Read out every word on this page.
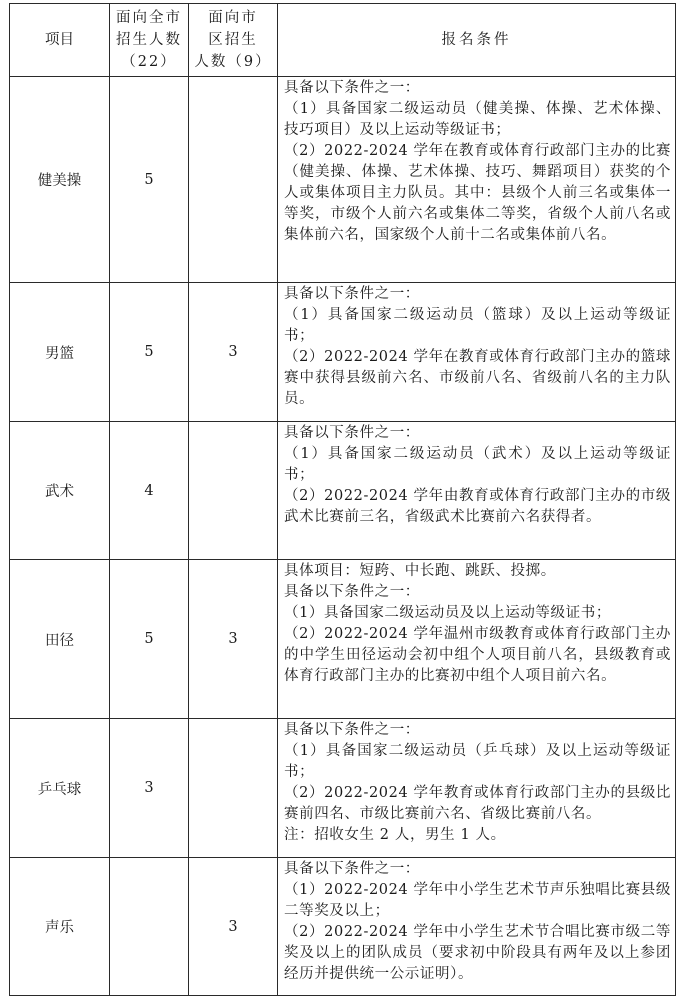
项目	面向全市
招生人数
（22）	面向市
区招生
人数（9）	报名条件
健美操	5		具备以下条件之一：
（1）具备国家二级运动员（健美操、体操、艺术体操、技巧项目）及以上运动等级证书；
（2）2022-2024 学年在教育或体育行政部门主办的比赛（健美操、体操、艺术体操、技巧、舞蹈项目）获奖的个人或集体项目主力队员。其中：县级个人前三名或集体一等奖，市级个人前六名或集体二等奖，省级个人前八名或集体前六名，国家级个人前十二名或集体前八名。

男篮	5	3	具备以下条件之一：
（1）具备国家二级运动员（篮球）及以上运动等级证书；
（2）2022-2024 学年在教育或体育行政部门主办的篮球赛中获得县级前六名、市级前八名、省级前八名的主力队员。

武术	4		具备以下条件之一：
（1）具备国家二级运动员（武术）及以上运动等级证书；
（2）2022-2024 学年由教育或体育行政部门主办的市级武术比赛前三名，省级武术比赛前六名获得者。

田径	5	3	具体项目：短跨、中长跑、跳跃、投掷。
具备以下条件之一：
（1）具备国家二级运动员及以上运动等级证书；
（2）2022-2024 学年温州市级教育或体育行政部门主办的中学生田径运动会初中组个人项目前八名，县级教育或体育行政部门主办的比赛初中组个人项目前六名。

乒乓球	3		具备以下条件之一：
（1）具备国家二级运动员（乒乓球）及以上运动等级证书；
（2）2022-2024 学年教育或体育行政部门主办的县级比赛前四名、市级比赛前六名、省级比赛前八名。
注：招收女生 2 人，男生 1 人。

声乐		3	具备以下条件之一：
（1）2022-2024 学年中小学生艺术节声乐独唱比赛县级二等奖及以上；
（2）2022-2024 学年中小学生艺术节合唱比赛市级二等奖及以上的团队成员（要求初中阶段具有两年及以上参团经历并提供统一公示证明）。
